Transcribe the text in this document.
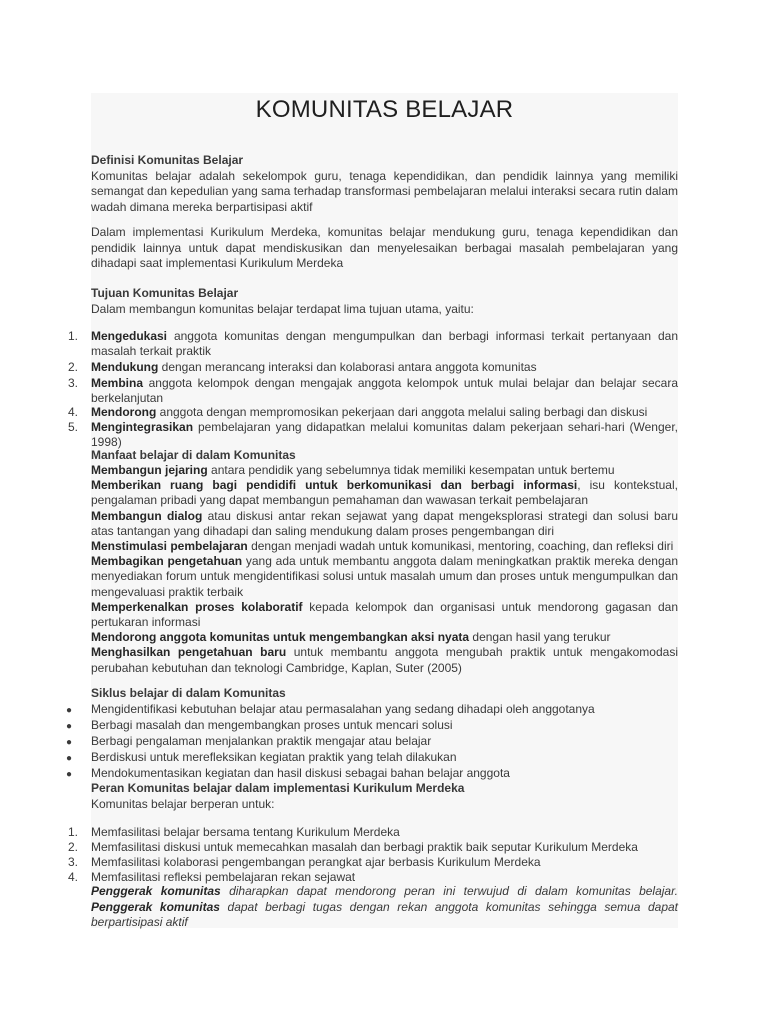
KOMUNITAS BELAJAR
Definisi Komunitas Belajar
Komunitas belajar adalah sekelompok guru, tenaga kependidikan, dan pendidik lainnya yang memiliki semangat dan kepedulian yang sama terhadap transformasi pembelajaran melalui interaksi secara rutin dalam wadah dimana mereka berpartisipasi aktif
Dalam implementasi Kurikulum Merdeka, komunitas belajar mendukung guru, tenaga kependidikan dan pendidik lainnya untuk dapat mendiskusikan dan menyelesaikan berbagai masalah pembelajaran yang dihadapi saat implementasi Kurikulum Merdeka
Tujuan Komunitas Belajar
Dalam membangun komunitas belajar terdapat lima tujuan utama, yaitu:
1. Mengedukasi anggota komunitas dengan mengumpulkan dan berbagi informasi terkait pertanyaan dan masalah terkait praktik
2. Mendukung dengan merancang interaksi dan kolaborasi antara anggota komunitas
3. Membina anggota kelompok dengan mengajak anggota kelompok untuk mulai belajar dan belajar secara berkelanjutan
4. Mendorong anggota dengan mempromosikan pekerjaan dari anggota melalui saling berbagi dan diskusi
5. Mengintegrasikan pembelajaran yang didapatkan melalui komunitas dalam pekerjaan sehari-hari (Wenger, 1998)
Manfaat belajar di dalam Komunitas
Membangun jejaring antara pendidik yang sebelumnya tidak memiliki kesempatan untuk bertemu
Memberikan ruang bagi pendidifi untuk berkomunikasi dan berbagi informasi, isu kontekstual, pengalaman pribadi yang dapat membangun pemahaman dan wawasan terkait pembelajaran
Membangun dialog atau diskusi antar rekan sejawat yang dapat mengeksplorasi strategi dan solusi baru atas tantangan yang dihadapi dan saling mendukung dalam proses pengembangan diri
Menstimulasi pembelajaran dengan menjadi wadah untuk komunikasi, mentoring, coaching, dan refleksi diri
Membagikan pengetahuan yang ada untuk membantu anggota dalam meningkatkan praktik mereka dengan menyediakan forum untuk mengidentifikasi solusi untuk masalah umum dan proses untuk mengumpulkan dan mengevaluasi praktik terbaik
Memperkenalkan proses kolaboratif kepada kelompok dan organisasi untuk mendorong gagasan dan pertukaran informasi
Mendorong anggota komunitas untuk mengembangkan aksi nyata dengan hasil yang terukur
Menghasilkan pengetahuan baru untuk membantu anggota mengubah praktik untuk mengakomodasi perubahan kebutuhan dan teknologi Cambridge, Kaplan, Suter (2005)
Siklus belajar di dalam Komunitas
● Mengidentifikasi kebutuhan belajar atau permasalahan yang sedang dihadapi oleh anggotanya
● Berbagi masalah dan mengembangkan proses untuk mencari solusi
● Berbagi pengalaman menjalankan praktik mengajar atau belajar
● Berdiskusi untuk merefleksikan kegiatan praktik yang telah dilakukan
● Mendokumentasikan kegiatan dan hasil diskusi sebagai bahan belajar anggota
Peran Komunitas belajar dalam implementasi Kurikulum Merdeka
Komunitas belajar berperan untuk:
1. Memfasilitasi belajar bersama tentang Kurikulum Merdeka
2. Memfasilitasi diskusi untuk memecahkan masalah dan berbagi praktik baik seputar Kurikulum Merdeka
3. Memfasilitasi kolaborasi pengembangan perangkat ajar berbasis Kurikulum Merdeka
4. Memfasilitasi refleksi pembelajaran rekan sejawat
Penggerak komunitas diharapkan dapat mendorong peran ini terwujud di dalam komunitas belajar. Penggerak komunitas dapat berbagi tugas dengan rekan anggota komunitas sehingga semua dapat berpartisipasi aktif
